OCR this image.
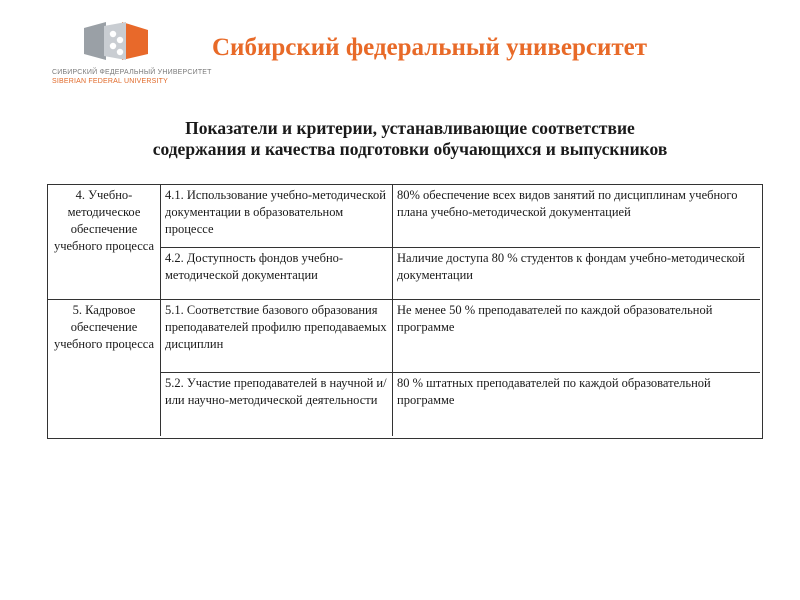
СИБИРСКИЙ ФЕДЕРАЛЬНЫЙ УНИВЕРСИТЕТ
SIBERIAN FEDERAL UNIVERSITY
Сибирский федеральный университет
Показатели и критерии, устанавливающие соответствие
содержания и качества подготовки обучающихся и выпускников
4. Учебно-методическое обеспечение учебного процесса
4.1. Использование учебно-методической документации в образовательном процессе
80% обеспечение всех видов занятий по дисциплинам учебного плана учебно-методической документацией
4.2. Доступность фондов учебно-методической документации
Наличие доступа 80 % студентов к фондам учебно-методической документации
5. Кадровое обеспечение учебного процесса
5.1. Соответствие базового образования преподавателей профилю преподаваемых дисциплин
Не менее 50 % преподавателей по каждой образовательной программе
5.2. Участие преподавателей в научной и/или научно-методической деятельности
80 % штатных преподавателей по каждой образовательной программе
